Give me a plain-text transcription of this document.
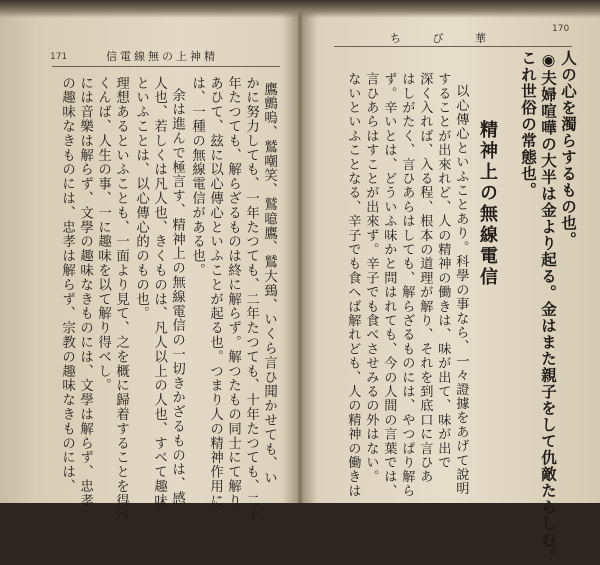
171	信電線無の上神精
鷹鸇嗚、鷲嘲笑、鷲噫鷹、鷲大鵄、いくら言ひ聞かせても、い
かに努力しても、一年たつても、二年たつても、十年たつても、二十
年たつても、解らざるものは終に解らず。解つたもの同士にて解り
あひて、玆に以心傳心といふことが起る也。つまり人の精神作用に
は、一種の無線電信がある也。
余は進んで極言す、精神上の無線電信の一切きかざるものは、感
人也、若しくは凡人也、きくものは、凡人以上の人也、すべて趣味
といふことは、以心傳心的のもの也。
理想あるといふことも、一面より見て、之を概に歸着することを得べ
くんば、人生の事、一に趣味を以て解り得べし。
には音樂は解らず、文學の趣味なきものには、文學は解らず、忠孝
の趣味なきものには、忠孝は解らず、宗教の趣味なきものには、
170
ち び 華
人の心を濁らするもの也。
◉夫婦喧嘩の大半は金より起る。金はまた親子をして仇敵たらしむ。
これ世俗の常態也。
精神上の無線電信
以心傳心といふことあり。科學の事なら、一々證據をあげて說明
することが出來れど、人の精神の働きは、味が出て、味が出で
深く入れば、入る程、根本の道理が解り、それを到底口に言ひあ
はしがたく、言ひあらはしても、解らざるものには、やつぱり解ら
ず。辛いとは、どういふ味かと問はれても、今の人間の言葉では、
言ひあらはすことが出來ず。辛子でも食べさせみるの外はない。
ないといふことなる、辛子でも食へば解れども、人の精神の働きは
